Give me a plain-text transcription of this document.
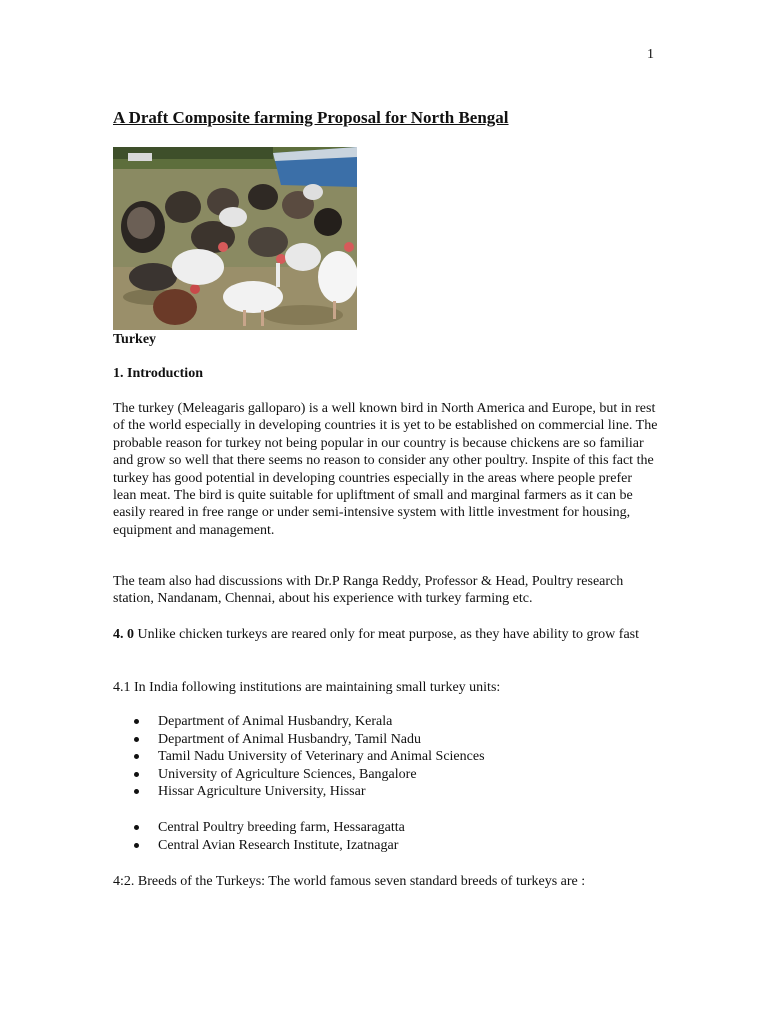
1
A Draft Composite farming Proposal for North Bengal
Turkey
1. Introduction

The turkey (Meleagaris galloparo) is a well known bird in North America and Europe, but in rest of the world especially in developing countries it is yet to be established on commercial line. The probable reason for turkey not being popular in our country is because chickens are so familiar and grow so well that there seems no reason to consider any other poultry. Inspite of this fact the turkey has good potential in developing countries especially in the areas where people prefer lean meat. The bird is quite suitable for upliftment of small and marginal farmers as it can be easily reared in free range or under semi-intensive system with little investment for housing, equipment and management.

The team also had discussions with Dr.P Ranga Reddy, Professor & Head, Poultry research station, Nandanam, Chennai, about his experience with turkey farming etc.

4. 0 Unlike chicken turkeys are reared only for meat purpose, as they have ability to grow fast

4.1 In India following institutions are maintaining small turkey units:

Department of Animal Husbandry, Kerala
Department of Animal Husbandry, Tamil Nadu
Tamil Nadu University of Veterinary and Animal Sciences
University of Agriculture Sciences, Bangalore
Hissar Agriculture University, Hissar
Central Poultry breeding farm, Hessaragatta
Central Avian Research Institute, Izatnagar

4:2. Breeds of the Turkeys: The world famous seven standard breeds of turkeys are :
